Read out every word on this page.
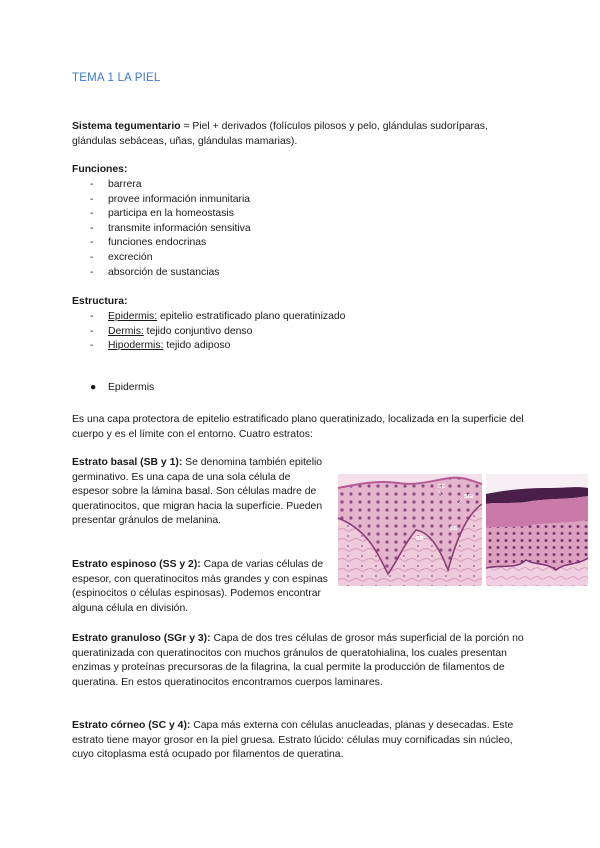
TEMA 1 LA PIEL

Sistema tegumentario = Piel + derivados (folículos pilosos y pelo, glándulas sudoríparas, glándulas sebáceas, uñas, glándulas mamarias).

Funciones:

- barrera
- provee información inmunitaria
- participa en la homeostasis
- transmite información sensitiva
- funciones endocrinas
- excreción
- absorción de sustancias

Estructura:

- Epidermis: epitelio estratificado plano queratinizado
- Dermis: tejido conjuntivo denso
- Hipodermis: tejido adiposo
● Epidermis

Es una capa protectora de epitelio estratificado plano queratinizado, localizada en la superficie del cuerpo y es el límite con el entorno. Cuatro estratos:

Estrato basal (SB y 1): Se denomina también epitelio germinativo. Es una capa de una sola célula de espesor sobre la lámina basal. Son células madre de queratinocitos, que migran hacia la superficie. Pueden presentar gránulos de melanina.

Estrato espinoso (SS y 2): Capa de varias células de espesor, con queratinocitos más grandes y con espinas (espinocitos o células espinosas). Podemos encontrar alguna célula en división.

Estrato granuloso (SGr y 3): Capa de dos tres células de grosor más superficial de la porción no queratinizada con queratinocitos con muchos gránulos de queratohialina, los cuales presentan enzimas y proteínas precursoras de la filagrina, la cual permite la producción de filamentos de queratina. En estos queratinocitos encontramos cuerpos laminares.

Estrato córneo (SC y 4): Capa más externa con células anucleadas, planas y desecadas. Este estrato tiene mayor grosor en la piel gruesa. Estrato lúcido: células muy cornificadas sin núcleo, cuyo citoplasma está ocupado por filamentos de queratina.

SC
SGr
SS
SB
